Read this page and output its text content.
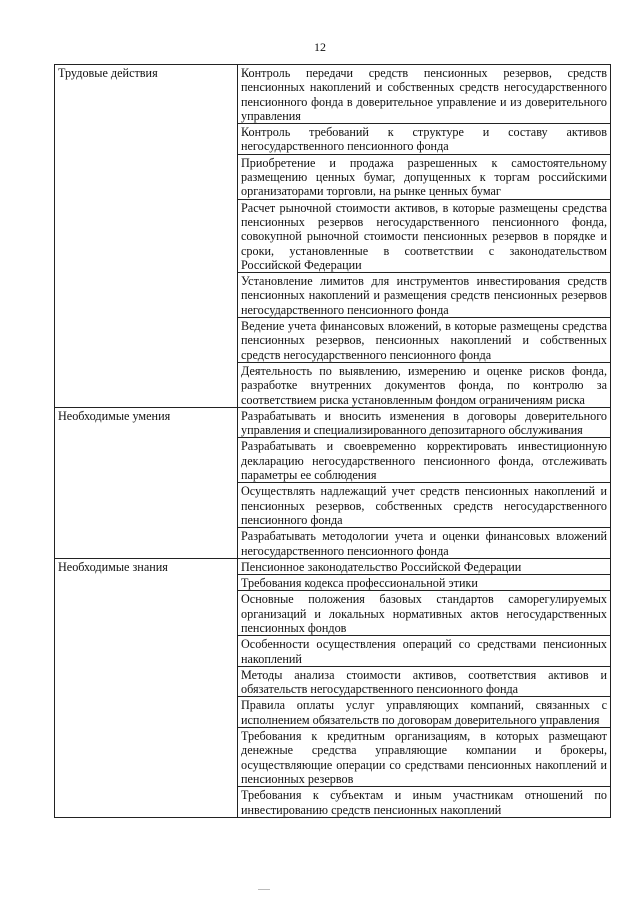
12
Трудовые действия	Контроль передачи средств пенсионных резервов, средств пенсионных накоплений и собственных средств негосударственного пенсионного фонда в доверительное управление и из доверительного управления
	Контроль требований к структуре и составу активов негосударственного пенсионного фонда
	Приобретение и продажа разрешенных к самостоятельному размещению ценных бумаг, допущенных к торгам российскими организаторами торговли, на рынке ценных бумаг
	Расчет рыночной стоимости активов, в которые размещены средства пенсионных резервов негосударственного пенсионного фонда, совокупной рыночной стоимости пенсионных резервов в порядке и сроки, установленные в соответствии с законодательством Российской Федерации
	Установление лимитов для инструментов инвестирования средств пенсионных накоплений и размещения средств пенсионных резервов негосударственного пенсионного фонда
	Ведение учета финансовых вложений, в которые размещены средства пенсионных резервов, пенсионных накоплений и собственных средств негосударственного пенсионного фонда
	Деятельность по выявлению, измерению и оценке рисков фонда, разработке внутренних документов фонда, по контролю за соответствием риска установленным фондом ограничениям риска
Необходимые умения	Разрабатывать и вносить изменения в договоры доверительного управления и специализированного депозитарного обслуживания
	Разрабатывать и своевременно корректировать инвестиционную декларацию негосударственного пенсионного фонда, отслеживать параметры ее соблюдения
	Осуществлять надлежащий учет средств пенсионных накоплений и пенсионных резервов, собственных средств негосударственного пенсионного фонда
	Разрабатывать методологии учета и оценки финансовых вложений негосударственного пенсионного фонда
Необходимые знания	Пенсионное законодательство Российской Федерации
	Требования кодекса профессиональной этики
	Основные положения базовых стандартов саморегулируемых организаций и локальных нормативных актов негосударственных пенсионных фондов
	Особенности осуществления операций со средствами пенсионных накоплений
	Методы анализа стоимости активов, соответствия активов и обязательств негосударственного пенсионного фонда
	Правила оплаты услуг управляющих компаний, связанных с исполнением обязательств по договорам доверительного управления
	Требования к кредитным организациям, в которых размещают денежные средства управляющие компании и брокеры, осуществляющие операции со средствами пенсионных накоплений и пенсионных резервов
	Требования к субъектам и иным участникам отношений по инвестированию средств пенсионных накоплений
